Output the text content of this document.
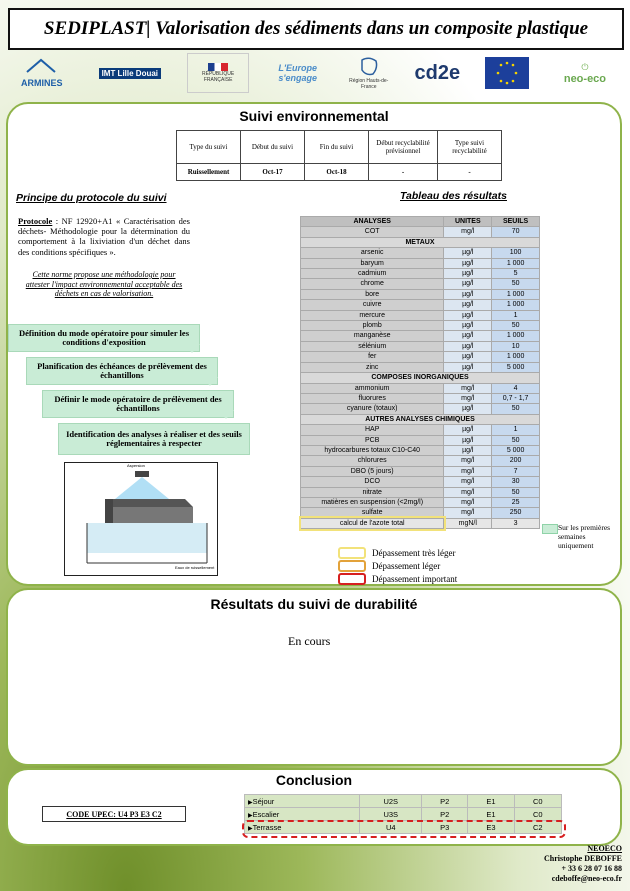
SEDIPLAST| Valorisation des sédiments dans un composite plastique
ARMINES
IMT Lille Douai	RÉPUBLIQUE FRANÇAISE
L'Europe s'engage	Région Hauts-de-France
cd2e	⏻
neo-eco
Suivi environnemental
Type du suivi	Début du suivi	Fin du suivi	Début recyclabilité prévisionnel	Type suivi recyclabilité
Ruissellement	Oct-17	Oct-18	-	-
Principe du protocole du suivi
Protocole : NF 12920+A1 « Caractérisation des déchets- Méthodologie pour la détermination du comportement à la lixiviation d'un déchet dans des conditions spécifiques ».
Cette norme propose une méthodologie pour attester l'impact environnemental acceptable des déchets en cas de valorisation.
Définition du mode opératoire pour simuler les conditions d'exposition
Planification des échéances de prélèvement des échantillons
Définir le mode opératoire de prélèvement des échantillons
Identification des analyses à réaliser et des seuils réglementaires à respecter
Aspersion
Eaux de ruissellement
Tableau des résultats
ANALYSES	UNITES	SEUILS
COT	mg/l	70
METAUX		
arsenic	µg/l	100
baryum	µg/l	1 000
cadmium	µg/l	5
chrome	µg/l	50
bore	µg/l	1 000
cuivre	µg/l	1 000
mercure	µg/l	1
plomb	µg/l	50
manganèse	µg/l	1 000
sélénium	µg/l	10
fer	µg/l	1 000
zinc	µg/l	5 000
COMPOSES INORGANIQUES		
ammonium	mg/l	4
fluorures	mg/l	0,7 - 1,7
cyanure (totaux)	µg/l	50
AUTRES ANALYSES CHIMIQUES		
HAP	µg/l	1
PCB	µg/l	50
hydrocarbures totaux C10-C40	µg/l	5 000
chlorures	mg/l	200
DBO (5 jours)	mg/l	7
DCO	mg/l	30
nitrate	mg/l	50
matières en suspension (<2mg/l)	mg/l	25
sulfate	mg/l	250
calcul de l'azote total	mgN/l	3	Sur les premières semaines uniquement
Dépassement très léger
Dépassement léger
Dépassement important
Résultats du suivi de durabilité
En cours
Conclusion
CODE UPEC: U4 P3 E3 C2
▶Séjour	U2S	P2	E1	C0
▶Escalier	U3S	P2	E1	C0
▶Terrasse	U4	P3	E3	C2
NEOECO
Christophe DEBOFFE
+ 33 6 28 07 16 88
cdeboffe@neo-eco.fr
